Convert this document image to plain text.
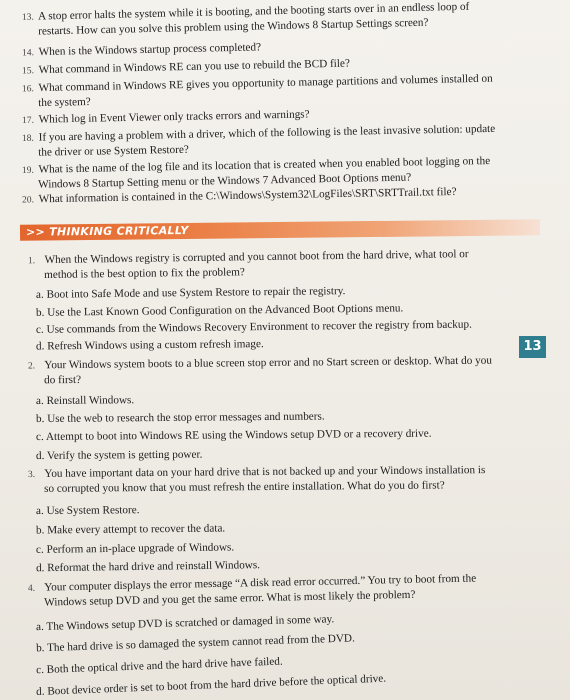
13. A stop error halts the system while it is booting, and the booting starts over in an endless loop of
restarts. How can you solve this problem using the Windows 8 Startup Settings screen?
14. When is the Windows startup process completed?
15. What command in Windows RE can you use to rebuild the BCD file?
16. What command in Windows RE gives you opportunity to manage partitions and volumes installed on
the system?
17. Which log in Event Viewer only tracks errors and warnings?
18. If you are having a problem with a driver, which of the following is the least invasive solution: update
the driver or use System Restore?
19. What is the name of the log file and its location that is created when you enabled boot logging on the
Windows 8 Startup Setting menu or the Windows 7 Advanced Boot Options menu?
20. What information is contained in the C:\Windows\System32\LogFiles\SRT\SRTTrail.txt file?
>> THINKING CRITICALLY
13
1. When the Windows registry is corrupted and you cannot boot from the hard drive, what tool or
method is the best option to fix the problem?
a. Boot into Safe Mode and use System Restore to repair the registry.
b. Use the Last Known Good Configuration on the Advanced Boot Options menu.
c. Use commands from the Windows Recovery Environment to recover the registry from backup.
d. Refresh Windows using a custom refresh image.
2. Your Windows system boots to a blue screen stop error and no Start screen or desktop. What do you
do first?
a. Reinstall Windows.
b. Use the web to research the stop error messages and numbers.
c. Attempt to boot into Windows RE using the Windows setup DVD or a recovery drive.
d. Verify the system is getting power.
3. You have important data on your hard drive that is not backed up and your Windows installation is
so corrupted you know that you must refresh the entire installation. What do you do first?
a. Use System Restore.
b. Make every attempt to recover the data.
c. Perform an in-place upgrade of Windows.
d. Reformat the hard drive and reinstall Windows.
4. Your computer displays the error message “A disk read error occurred.” You try to boot from the
Windows setup DVD and you get the same error. What is most likely the problem?
a. The Windows setup DVD is scratched or damaged in some way.
b. The hard drive is so damaged the system cannot read from the DVD.
c. Both the optical drive and the hard drive have failed.
d. Boot device order is set to boot from the hard drive before the optical drive.
